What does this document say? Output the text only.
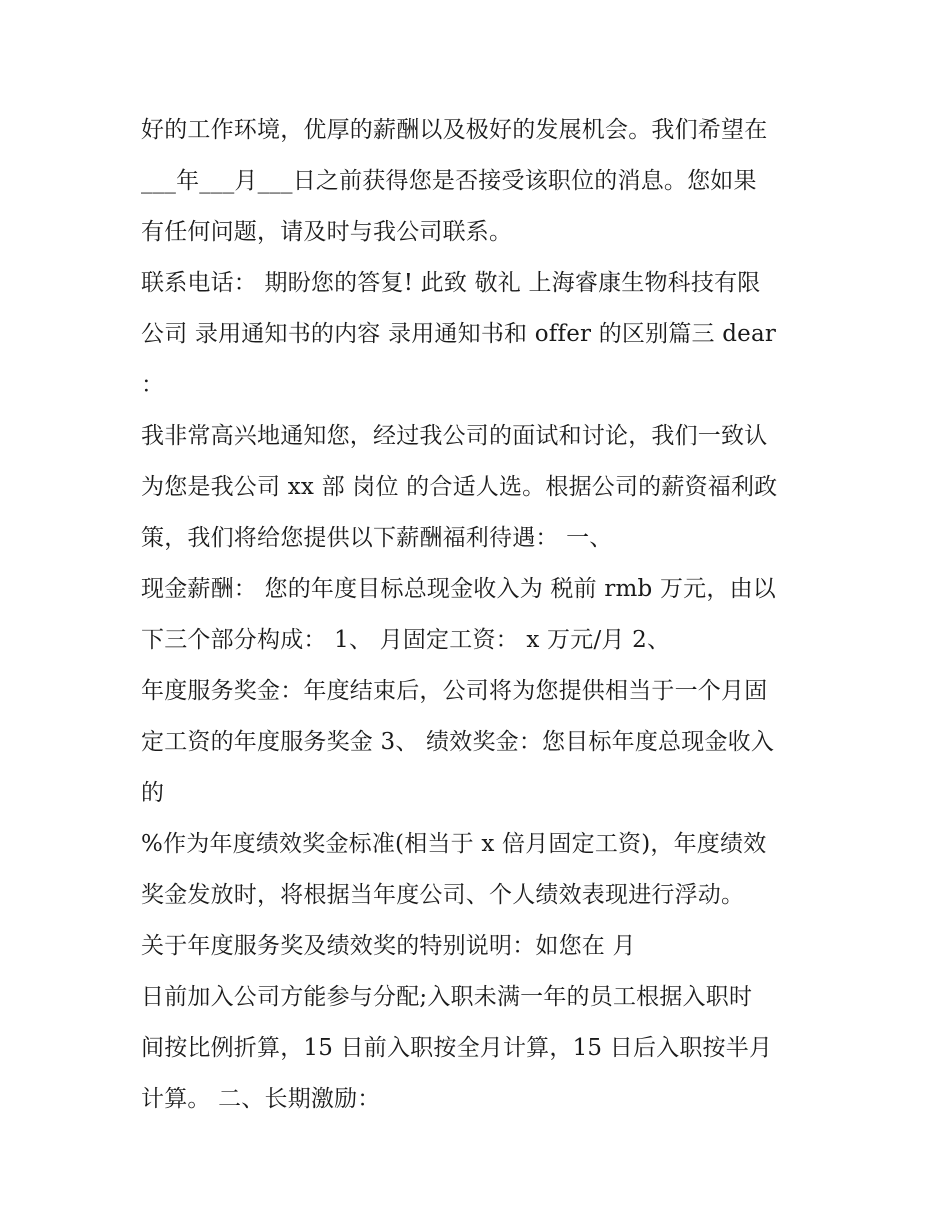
好的工作环境，优厚的薪酬以及极好的发展机会。我们希望在
___年___月___日之前获得您是否接受该职位的消息。您如果
有任何问题，请及时与我公司联系。
联系电话： 期盼您的答复! 此致 敬礼 上海睿康生物科技有限
公司 录用通知书的内容 录用通知书和 offer 的区别篇三 dear
：
我非常高兴地通知您，经过我公司的面试和讨论，我们一致认
为您是我公司 xx 部 岗位 的合适人选。根据公司的薪资福利政
策，我们将给您提供以下薪酬福利待遇： 一、
现金薪酬： 您的年度目标总现金收入为 税前 rmb 万元，由以
下三个部分构成： 1、 月固定工资： x 万元/月 2、
年度服务奖金：年度结束后，公司将为您提供相当于一个月固
定工资的年度服务奖金 3、 绩效奖金：您目标年度总现金收入
的
%作为年度绩效奖金标准(相当于 x 倍月固定工资)，年度绩效
奖金发放时，将根据当年度公司、个人绩效表现进行浮动。
关于年度服务奖及绩效奖的特别说明：如您在 月
日前加入公司方能参与分配;入职未满一年的员工根据入职时
间按比例折算，15 日前入职按全月计算，15 日后入职按半月
计算。 二、长期激励：
